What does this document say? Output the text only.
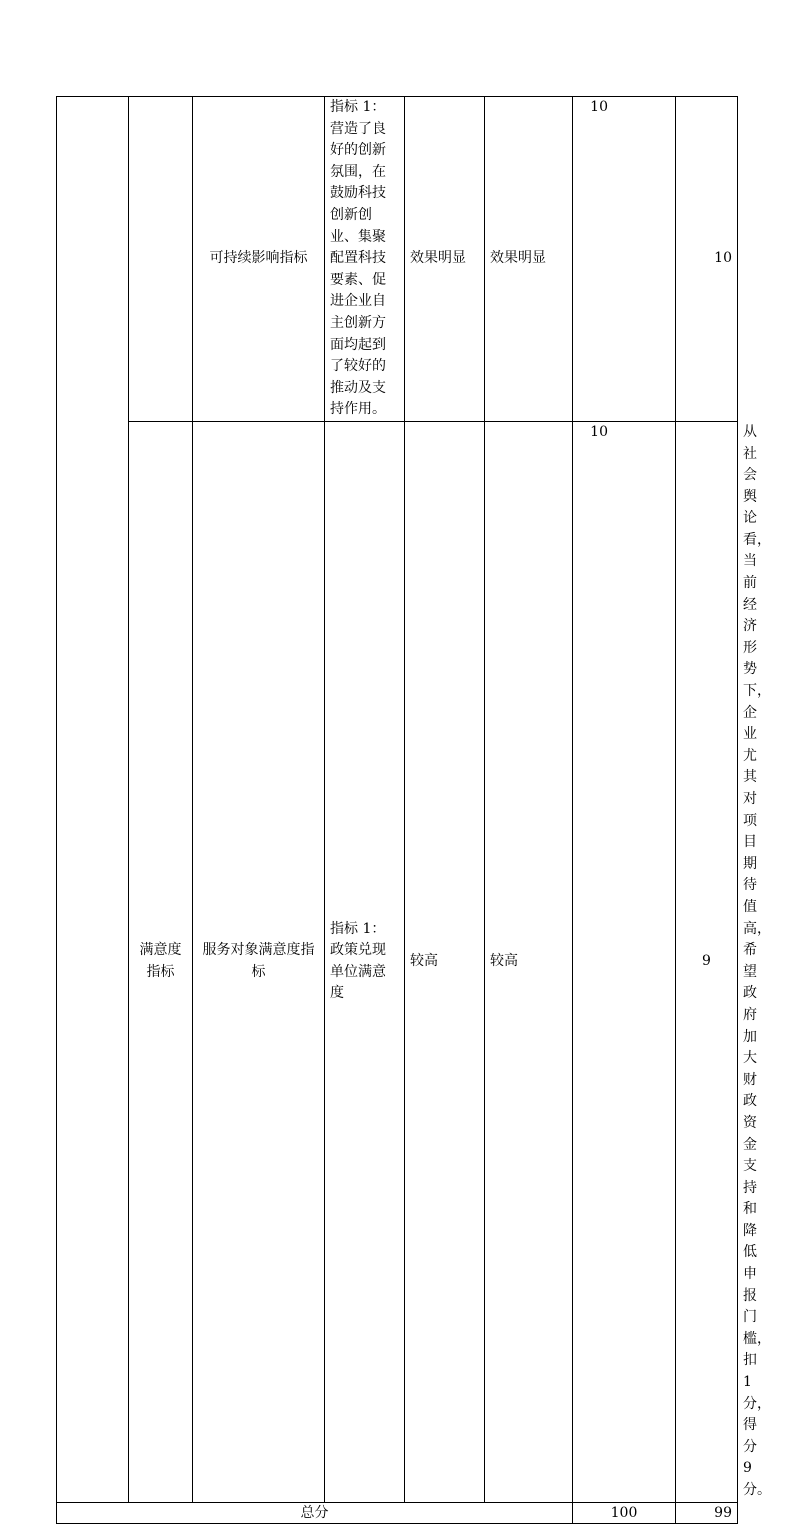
		可持续影响指标	指标 1：营造了良好的创新氛围，在鼓励科技创新创业、集聚配置科技要素、促进企业自主创新方面均起到了较好的推动及支持作用。	效果明显	效果明显	10	10	
	满意度指标	服务对象满意度指标	指标 1：政策兑现单位满意度	较高	较高	10	9	从社会舆论看，当前经济形势下，企业尤其对项目期待值高，希望政府加大财政资金支持和降低申报门槛，扣 1 分，得分 9 分。
总分						100	99	
